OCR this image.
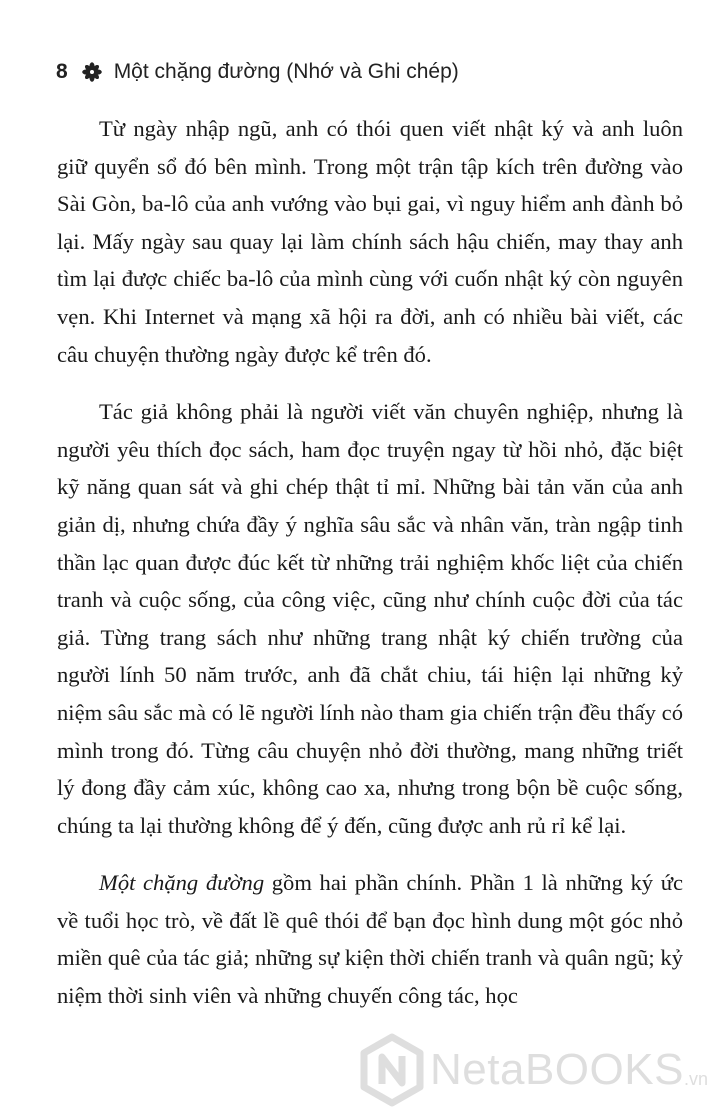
8 Một chặng đường (Nhớ và Ghi chép)

Từ ngày nhập ngũ, anh có thói quen viết nhật ký và anh luôn giữ quyển sổ đó bên mình. Trong một trận tập kích trên đường vào Sài Gòn, ba-lô của anh vướng vào bụi gai, vì nguy hiểm anh đành bỏ lại. Mấy ngày sau quay lại làm chính sách hậu chiến, may thay anh tìm lại được chiếc ba-lô của mình cùng với cuốn nhật ký còn nguyên vẹn. Khi Internet và mạng xã hội ra đời, anh có nhiều bài viết, các câu chuyện thường ngày được kể trên đó.

Tác giả không phải là người viết văn chuyên nghiệp, nhưng là người yêu thích đọc sách, ham đọc truyện ngay từ hồi nhỏ, đặc biệt kỹ năng quan sát và ghi chép thật tỉ mỉ. Những bài tản văn của anh giản dị, nhưng chứa đầy ý nghĩa sâu sắc và nhân văn, tràn ngập tinh thần lạc quan được đúc kết từ những trải nghiệm khốc liệt của chiến tranh và cuộc sống, của công việc, cũng như chính cuộc đời của tác giả. Từng trang sách như những trang nhật ký chiến trường của người lính 50 năm trước, anh đã chắt chiu, tái hiện lại những kỷ niệm sâu sắc mà có lẽ người lính nào tham gia chiến trận đều thấy có mình trong đó. Từng câu chuyện nhỏ đời thường, mang những triết lý đong đầy cảm xúc, không cao xa, nhưng trong bộn bề cuộc sống, chúng ta lại thường không để ý đến, cũng được anh rủ rỉ kể lại.

Một chặng đường gồm hai phần chính. Phần 1 là những ký ức về tuổi học trò, về đất lề quê thói để bạn đọc hình dung một góc nhỏ miền quê của tác giả; những sự kiện thời chiến tranh và quân ngũ; kỷ niệm thời sinh viên và những chuyến công tác, học

NetaBOOKS .vn
